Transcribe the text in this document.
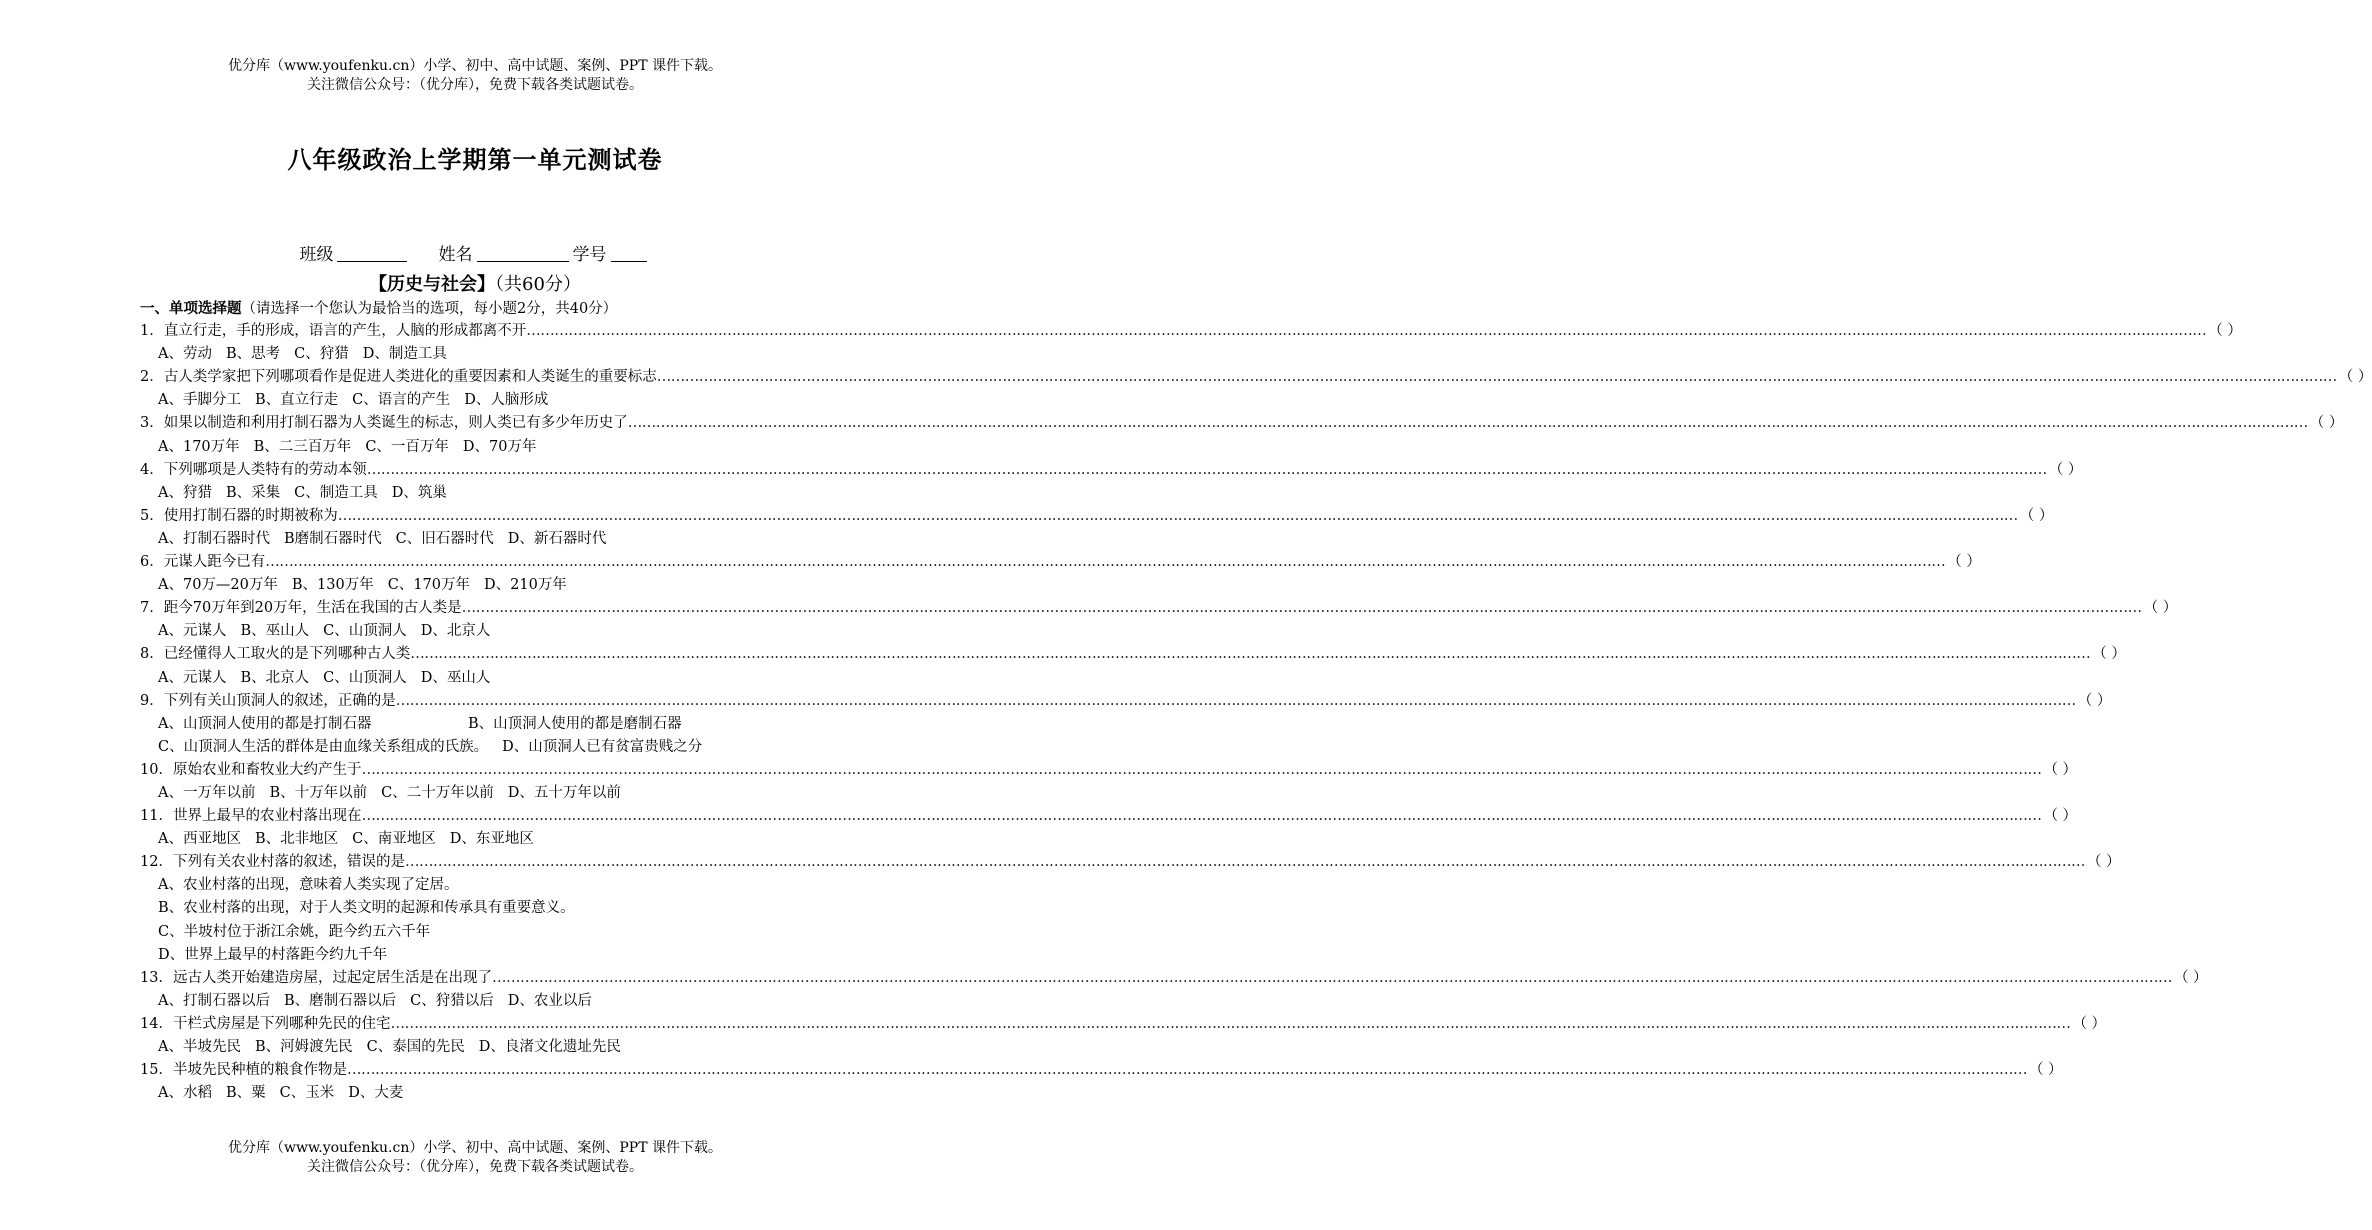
优分库（www.youfenku.cn）小学、初中、高中试题、案例、PPT 课件下载。
关注微信公众号：（优分库），免费下载各类试题试卷。
八年级政治上学期第一单元测试卷
班级	姓名	学号
【历史与社会】（共60分）
一、单项选择题（请选择一个您认为最恰当的选项，每小题2分，共40分）
1．直立行走，手的形成，语言的产生，人脑的形成都离不开 ……………………………………………………………………………………………………………………………………………………………………………………………………………………………………………………………………………………………………………………………… （ ）
A、劳动 B、思考 C、狩猎 D、制造工具
2．古人类学家把下列哪项看作是促进人类进化的重要因素和人类诞生的重要标志 ……………………………………………………………………………………………………………………………………………………………………………………………………………………………………………………………………………………………………………………………… （ ）
A、手脚分工 B、直立行走 C、语言的产生 D、人脑形成
3．如果以制造和利用打制石器为人类诞生的标志，则人类已有多少年历史了 ……………………………………………………………………………………………………………………………………………………………………………………………………………………………………………………………………………………………………………………………… （ ）
A、170万年 B、二三百万年 C、一百万年 D、70万年
4．下列哪项是人类特有的劳动本领 ……………………………………………………………………………………………………………………………………………………………………………………………………………………………………………………………………………………………………………………………… （ ）
A、狩猎 B、采集 C、制造工具 D、筑巢
5．使用打制石器的时期被称为 ……………………………………………………………………………………………………………………………………………………………………………………………………………………………………………………………………………………………………………………………… （ ）
A、打制石器时代 B磨制石器时代 C、旧石器时代 D、新石器时代
6．元谋人距今已有 ……………………………………………………………………………………………………………………………………………………………………………………………………………………………………………………………………………………………………………………………… （ ）
A、70万—20万年 B、130万年 C、170万年 D、210万年
7．距今70万年到20万年，生活在我国的古人类是 ……………………………………………………………………………………………………………………………………………………………………………………………………………………………………………………………………………………………………………………………… （ ）
A、元谋人 B、巫山人 C、山顶洞人 D、北京人
8．已经懂得人工取火的是下列哪种古人类 ……………………………………………………………………………………………………………………………………………………………………………………………………………………………………………………………………………………………………………………………… （ ）
A、元谋人 B、北京人 C、山顶洞人 D、巫山人
9．下列有关山顶洞人的叙述，正确的是 ……………………………………………………………………………………………………………………………………………………………………………………………………………………………………………………………………………………………………………………………… （ ）
A、山顶洞人使用的都是打制石器	B、山顶洞人使用的都是磨制石器
C、山顶洞人生活的群体是由血缘关系组成的氏族。 D、山顶洞人已有贫富贵贱之分
10．原始农业和畜牧业大约产生于 ……………………………………………………………………………………………………………………………………………………………………………………………………………………………………………………………………………………………………………………………… （ ）
A、一万年以前 B、十万年以前 C、二十万年以前 D、五十万年以前
11．世界上最早的农业村落出现在 ……………………………………………………………………………………………………………………………………………………………………………………………………………………………………………………………………………………………………………………………… （ ）
A、西亚地区 B、北非地区 C、南亚地区 D、东亚地区
12．下列有关农业村落的叙述，错误的是 ……………………………………………………………………………………………………………………………………………………………………………………………………………………………………………………………………………………………………………………………… （ ）
A、农业村落的出现，意味着人类实现了定居。
B、农业村落的出现，对于人类文明的起源和传承具有重要意义。
C、半坡村位于浙江余姚，距今约五六千年
D、世界上最早的村落距今约九千年
13．远古人类开始建造房屋，过起定居生活是在出现了 ……………………………………………………………………………………………………………………………………………………………………………………………………………………………………………………………………………………………………………………………… （ ）
A、打制石器以后 B、磨制石器以后 C、狩猎以后 D、农业以后
14．干栏式房屋是下列哪种先民的住宅 ……………………………………………………………………………………………………………………………………………………………………………………………………………………………………………………………………………………………………………………………… （ ）
A、半坡先民 B、河姆渡先民 C、泰国的先民 D、良渚文化遗址先民
15．半坡先民种植的粮食作物是 ……………………………………………………………………………………………………………………………………………………………………………………………………………………………………………………………………………………………………………………………… （ ）
A、水稻 B、粟 C、玉米 D、大麦
优分库（www.youfenku.cn）小学、初中、高中试题、案例、PPT 课件下载。
关注微信公众号：（优分库），免费下载各类试题试卷。
